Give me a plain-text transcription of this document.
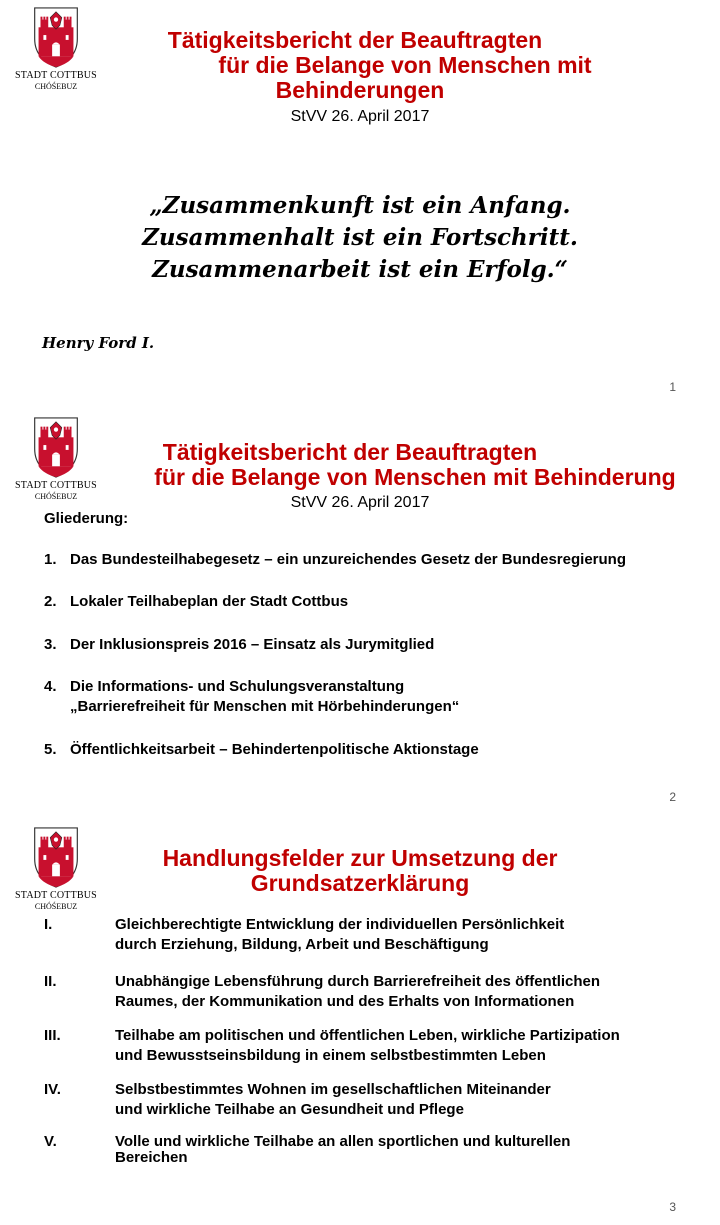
STADT COTTBUS
CHÓŚEBUZ
Tätigkeitsbericht der Beauftragten
für die Belange von Menschen mit
Behinderungen
StVV 26. April 2017
„Zusammenkunft ist ein Anfang.
Zusammenhalt ist ein Fortschritt.
Zusammenarbeit ist ein Erfolg.“
Henry Ford I.
1
STADT COTTBUS
CHÓŚEBUZ
Tätigkeitsbericht der Beauftragten
für die Belange von Menschen mit Behinderung
StVV 26. April 2017
Gliederung:
1. Das Bundesteilhabegesetz – ein unzureichendes Gesetz der Bundesregierung
2. Lokaler Teilhabeplan der Stadt Cottbus
3. Der Inklusionspreis 2016 – Einsatz als Jurymitglied
4. Die Informations- und Schulungsveranstaltung
„Barrierefreiheit für Menschen mit Hörbehinderungen“
5. Öffentlichkeitsarbeit – Behindertenpolitische Aktionstage
2
STADT COTTBUS
CHÓŚEBUZ
Handlungsfelder zur Umsetzung der
Grundsatzerklärung
I.	Gleichberechtigte Entwicklung der individuellen Persönlichkeit
durch Erziehung, Bildung, Arbeit und Beschäftigung
II.	Unabhängige Lebensführung durch Barrierefreiheit des öffentlichen
Raumes, der Kommunikation und des Erhalts von Informationen
III.	Teilhabe am politischen und öffentlichen Leben, wirkliche Partizipation
und Bewusstseinsbildung in einem selbstbestimmten Leben
IV.	Selbstbestimmtes Wohnen im gesellschaftlichen Miteinander
und wirkliche Teilhabe an Gesundheit und Pflege
V.	Volle und wirkliche Teilhabe an allen sportlichen und kulturellen
Bereichen
3
